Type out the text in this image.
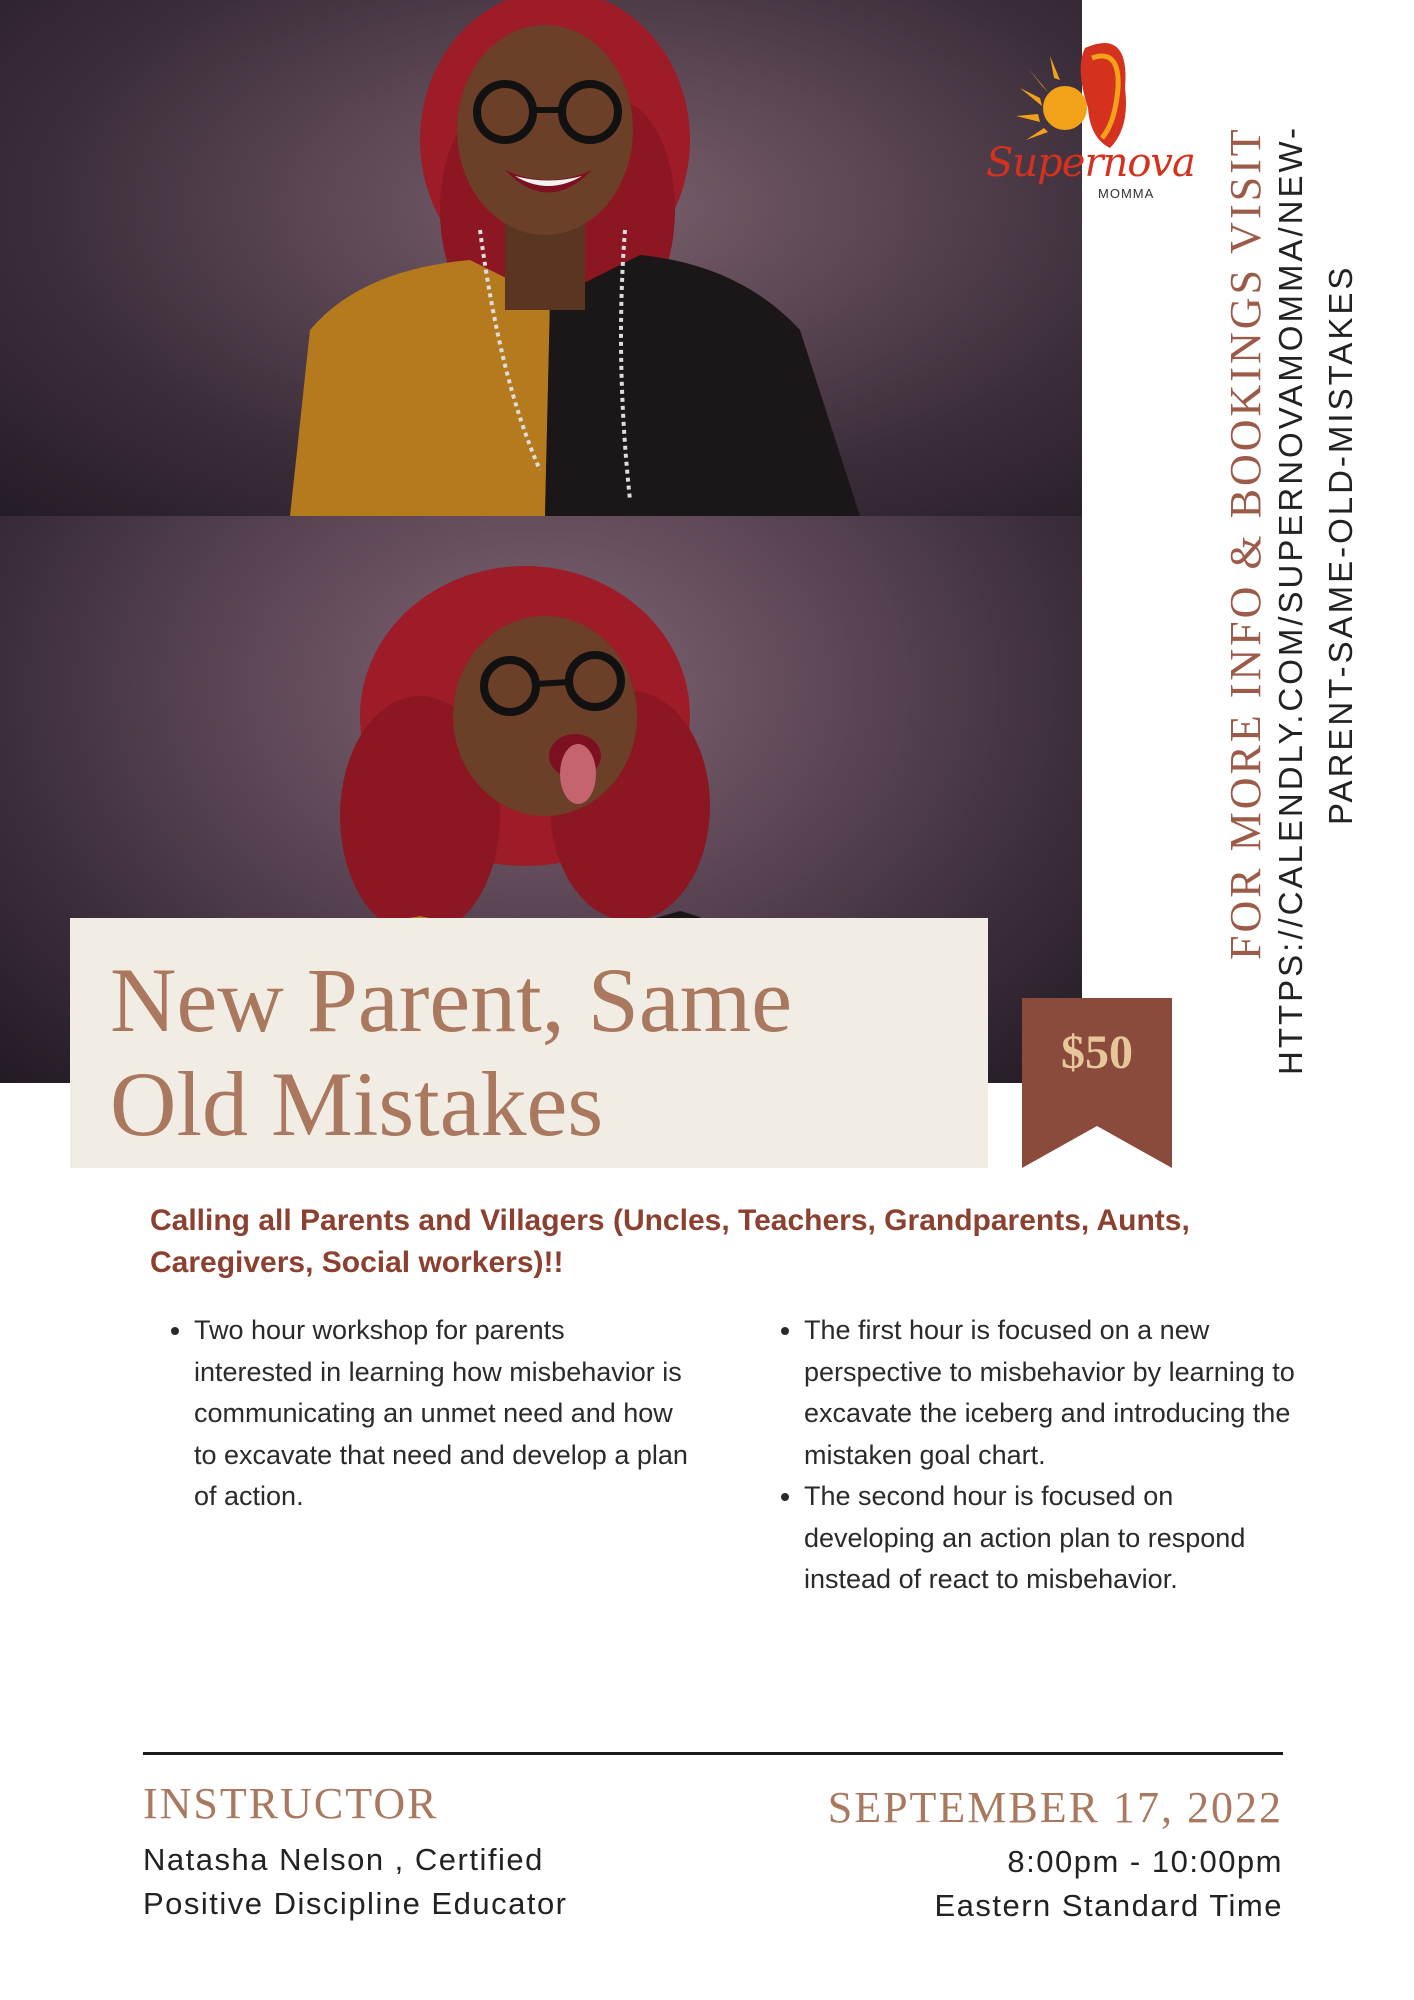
Supernova
MOMMA FOR MORE INFO & BOOKINGS VISIT HTTPS://CALENDLY.COM/SUPERNOVAMOMMA/NEW- PARENT-SAME-OLD-MISTAKES
New Parent, Same Old Mistakes
$50

Calling all Parents and Villagers (Uncles, Teachers, Grandparents, Aunts, Caregivers, Social workers)!!

• Two hour workshop for parents interested in learning how misbehavior is communicating an unmet need and how to excavate that need and develop a plan of action.
• The first hour is focused on a new perspective to misbehavior by learning to excavate the iceberg and introducing the mistaken goal chart.
• The second hour is focused on developing an action plan to respond instead of react to misbehavior.
INSTRUCTOR
Natasha Nelson , Certified Positive Discipline Educator
SEPTEMBER 17, 2022
8:00pm - 10:00pm
Eastern Standard Time
